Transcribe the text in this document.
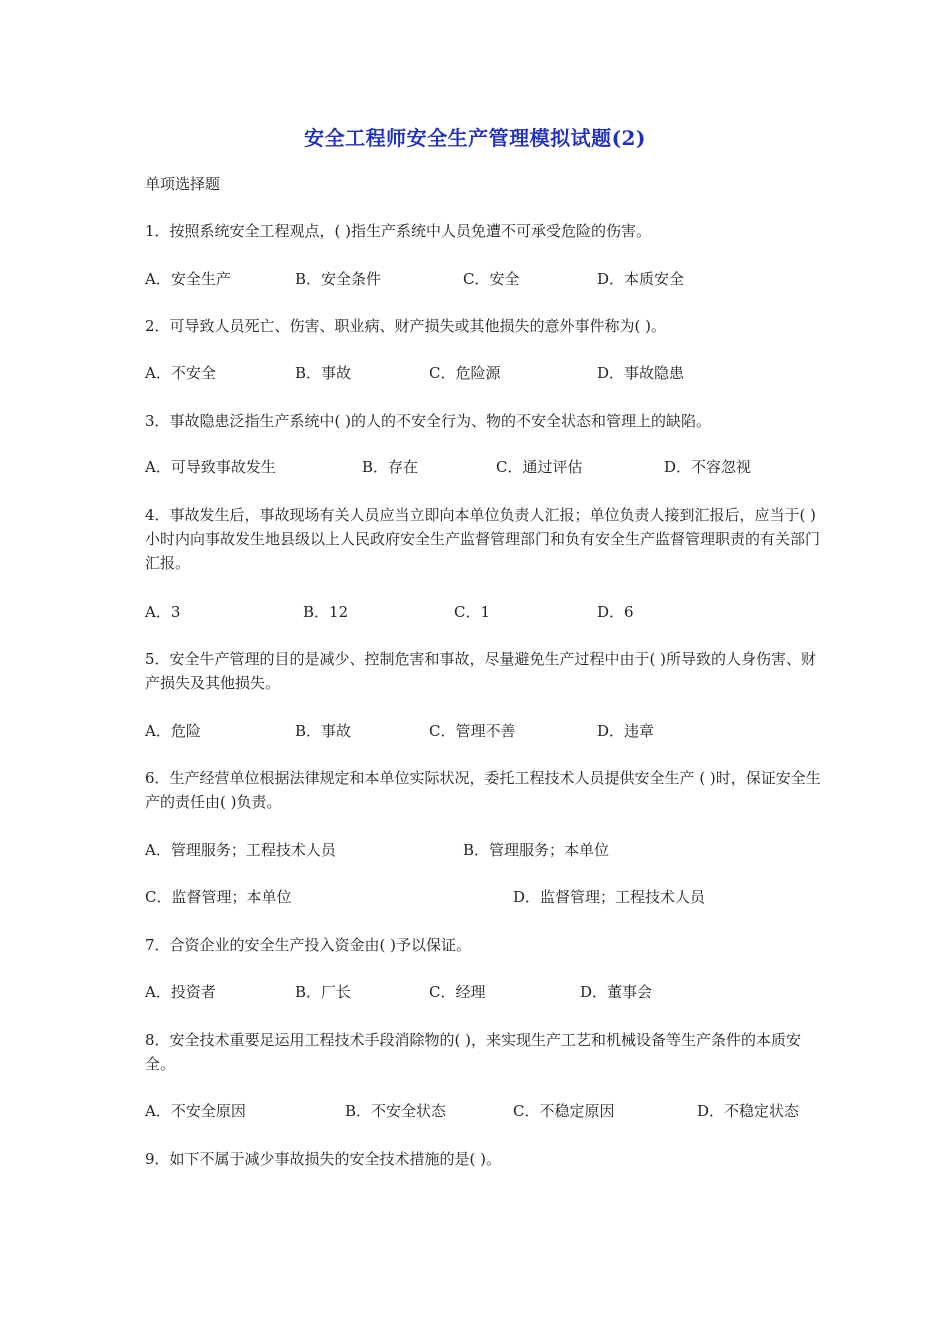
安全工程师安全生产管理模拟试题(2)
单项选择题
1．按照系统安全工程观点，( )指生产系统中人员免遭不可承受危险的伤害。
A．安全生产	B．安全条件	C．安全	D．本质安全
2．可导致人员死亡、伤害、职业病、财产损失或其他损失的意外事件称为( )。
A．不安全	B．事故	C．危险源	D．事故隐患
3．事故隐患泛指生产系统中( )的人的不安全行为、物的不安全状态和管理上的缺陷。
A．可导致事故发生	B．存在	C．通过评估	D．不容忽视
4．事故发生后，事故现场有关人员应当立即向本单位负责人汇报；单位负责人接到汇报后，应当于( )小时内向事故发生地县级以上人民政府安全生产监督管理部门和负有安全生产监督管理职责的有关部门汇报。
A．3	B．12	C．1	D．6
5．安全牛产管理的目的是减少、控制危害和事故，尽量避免生产过程中由于( )所导致的人身伤害、财产损失及其他损失。
A．危险	B．事故	C．管理不善	D．违章
6．生产经营单位根据法律规定和本单位实际状况，委托工程技术人员提供安全生产 ( )时，保证安全生产的责任由( )负责。
A．管理服务；工程技术人员	B．管理服务；本单位
C．监督管理；本单位	D．监督管理；工程技术人员
7．合资企业的安全生产投入资金由( )予以保证。
A．投资者	B．厂长	C．经理	D．董事会
8．安全技术重要足运用工程技术手段消除物的( )，来实现生产工艺和机械设备等生产条件的本质安全。
A．不安全原因	B．不安全状态	C．不稳定原因	D．不稳定状态
9．如下不属于减少事故损失的安全技术措施的是( )。
